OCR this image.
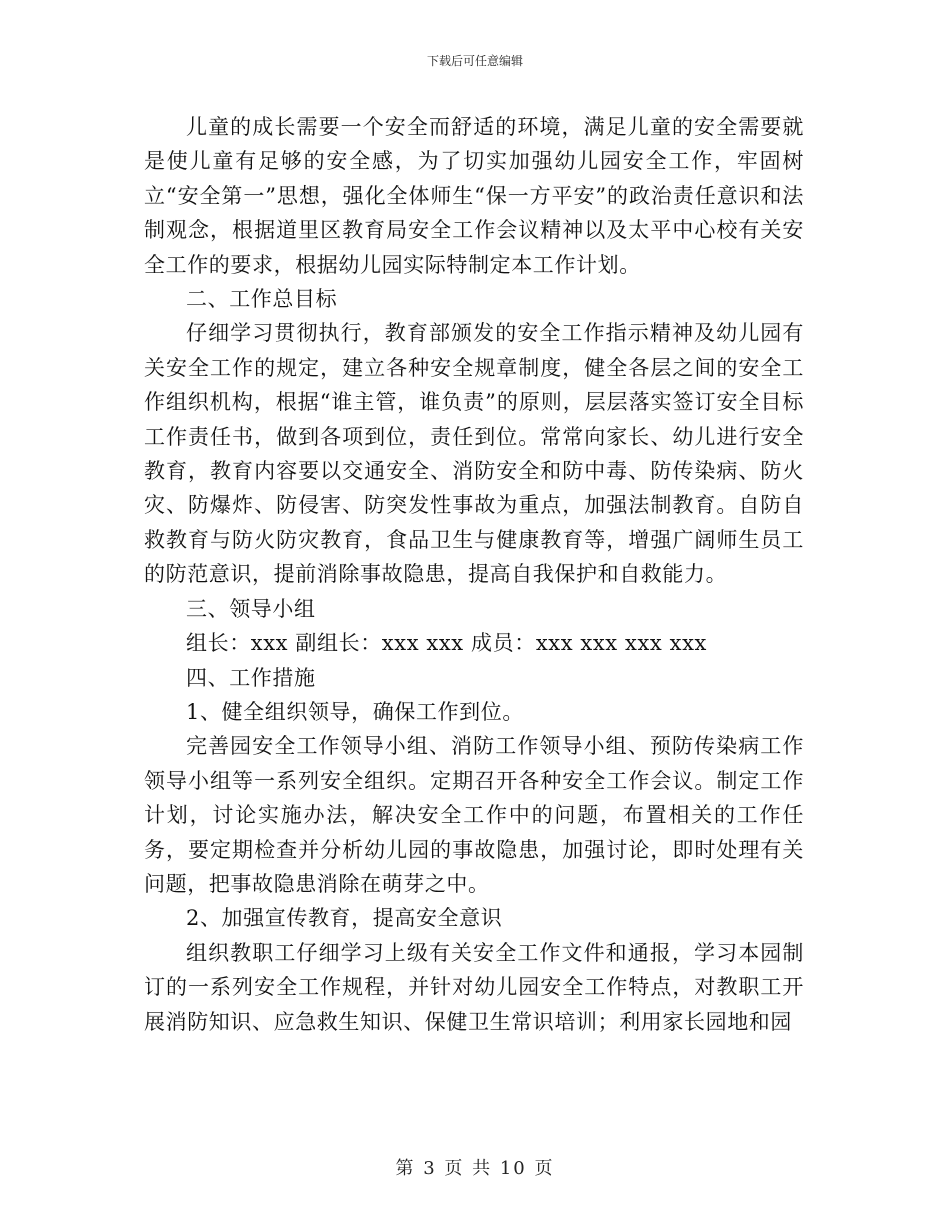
下载后可任意编辑

儿童的成长需要一个安全而舒适的环境，满足儿童的安全需要就是使儿童有足够的安全感，为了切实加强幼儿园安全工作，牢固树立“安全第一”思想，强化全体师生“保一方平安”的政治责任意识和法制观念，根据道里区教育局安全工作会议精神以及太平中心校有关安全工作的要求，根据幼儿园实际特制定本工作计划。

二、工作总目标

仔细学习贯彻执行，教育部颁发的安全工作指示精神及幼儿园有关安全工作的规定，建立各种安全规章制度，健全各层之间的安全工作组织机构，根据“谁主管，谁负责”的原则，层层落实签订安全目标工作责任书，做到各项到位，责任到位。常常向家长、幼儿进行安全教育，教育内容要以交通安全、消防安全和防中毒、防传染病、防火灾、防爆炸、防侵害、防突发性事故为重点，加强法制教育。自防自救教育与防火防灾教育，食品卫生与健康教育等，增强广阔师生员工的防范意识，提前消除事故隐患，提高自我保护和自救能力。

三、领导小组

组长：xxx 副组长：xxx xxx 成员：xxx xxx xxx xxx

四、工作措施

1、健全组织领导，确保工作到位。

完善园安全工作领导小组、消防工作领导小组、预防传染病工作领导小组等一系列安全组织。定期召开各种安全工作会议。制定工作计划，讨论实施办法，解决安全工作中的问题，布置相关的工作任务，要定期检查并分析幼儿园的事故隐患，加强讨论，即时处理有关问题，把事故隐患消除在萌芽之中。

2、加强宣传教育，提高安全意识

组织教职工仔细学习上级有关安全工作文件和通报，学习本园制订的一系列安全工作规程，并针对幼儿园安全工作特点，对教职工开展消防知识、应急救生知识、保健卫生常识培训；利用家长园地和园

第 3 页 共 10 页
